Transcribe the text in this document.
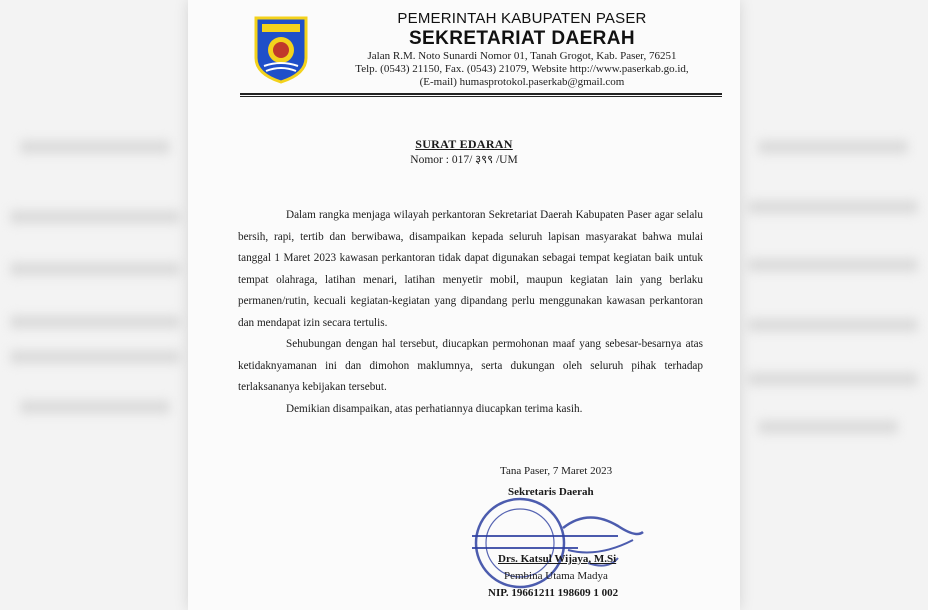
PEMERINTAH KABUPATEN PASER
SEKRETARIAT DAERAH
Jalan R.M. Noto Sunardi Nomor 01, Tanah Grogot, Kab. Paser, 76251
Telp. (0543) 21150, Fax. (0543) 21079, Website http://www.paserkab.go.id,
(E-mail) humasprotokol.paserkab@gmail.com
SURAT EDARAN
Nomor : 017/ ३९९ /UM

Dalam rangka menjaga wilayah perkantoran Sekretariat Daerah Kabupaten Paser agar selalu bersih, rapi, tertib dan berwibawa, disampaikan kepada seluruh lapisan masyarakat bahwa mulai tanggal 1 Maret 2023 kawasan perkantoran tidak dapat digunakan sebagai tempat kegiatan baik untuk tempat olahraga, latihan menari, latihan menyetir mobil, maupun kegiatan lain yang berlaku permanen/rutin, kecuali kegiatan-kegiatan yang dipandang perlu menggunakan kawasan perkantoran dan mendapat izin secara tertulis.

Sehubungan dengan hal tersebut, diucapkan permohonan maaf yang sebesar-besarnya atas ketidaknyamanan ini dan dimohon maklumnya, serta dukungan oleh seluruh pihak terhadap terlaksananya kebijakan tersebut.

Demikian disampaikan, atas perhatiannya diucapkan terima kasih.

Tana Paser, 7 Maret 2023
Sekretaris Daerah
Drs. Katsul Wijaya, M.Si
Pembina Utama Madya
NIP. 19661211 198609 1 002
